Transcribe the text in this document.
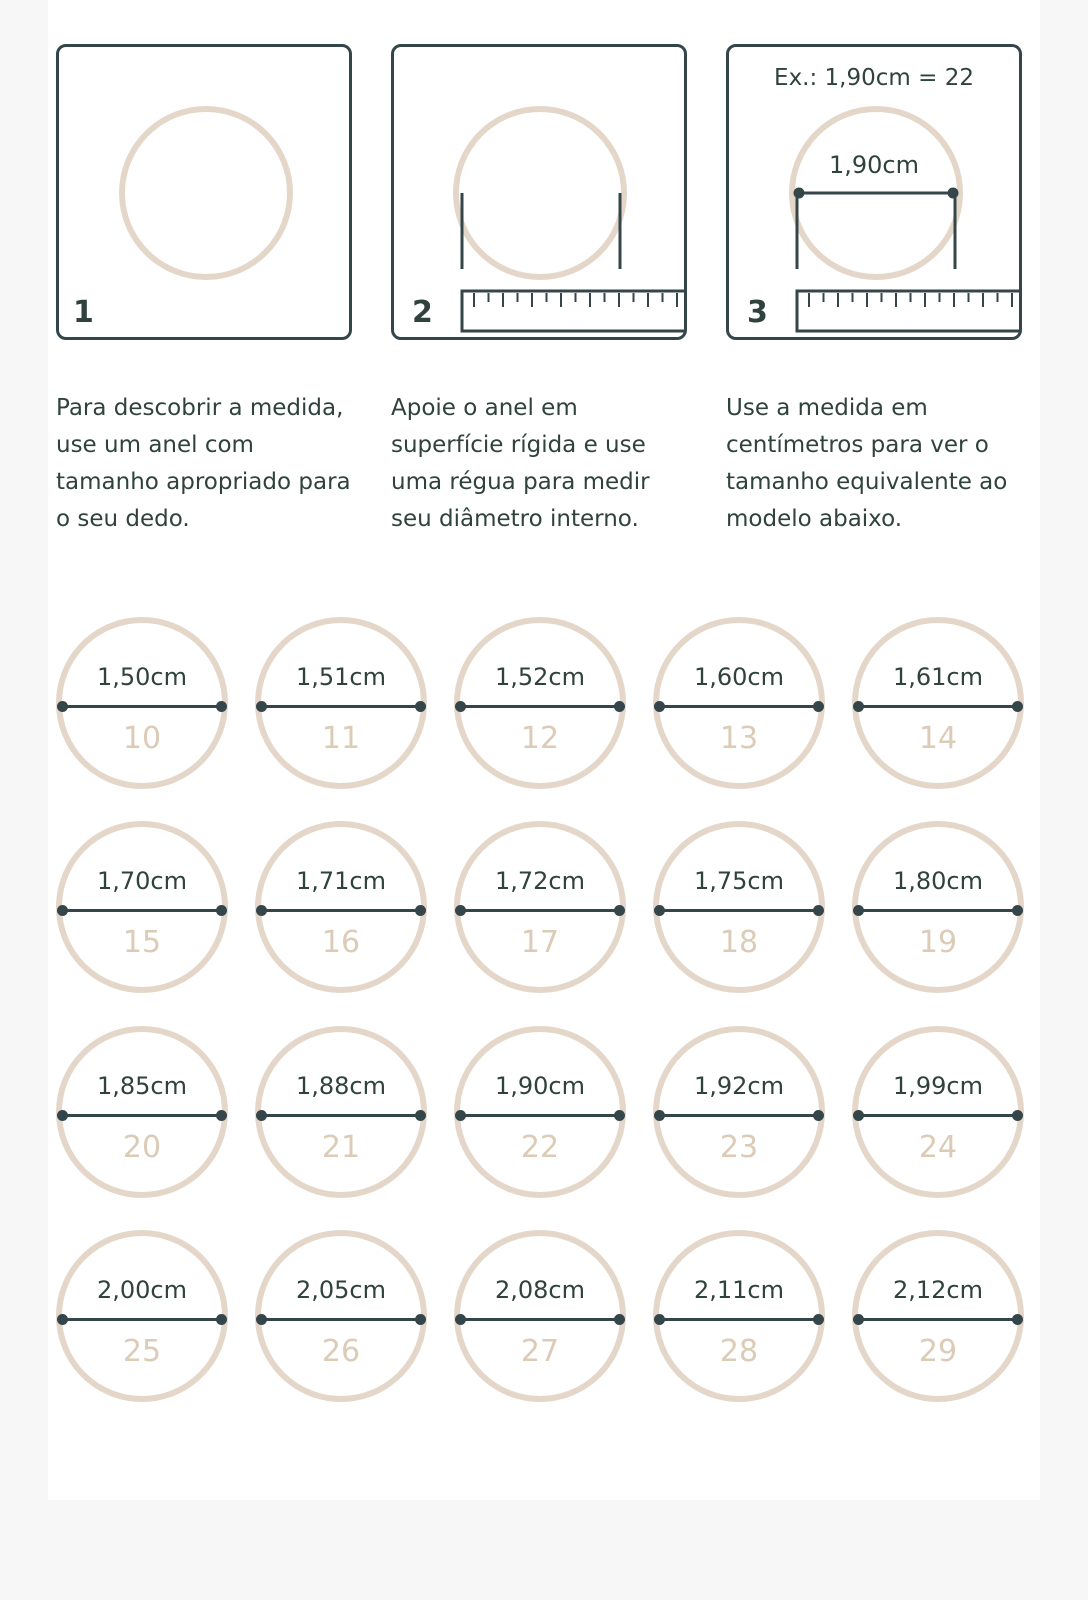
1	2
Ex.: 1,90cm = 22
1,90cm
3
Para descobrir a medida, use um anel com tamanho apropriado para o seu dedo.
Apoie o anel em superfície rígida e use uma régua para medir seu diâmetro interno.
Use a medida em centímetros para ver o tamanho equivalente ao modelo abaixo.
1,50cm
10
1,51cm
11
1,52cm
12
1,60cm
13
1,61cm
14
1,70cm
15
1,71cm
16
1,72cm
17
1,75cm
18
1,80cm
19
1,85cm
20
1,88cm
21
1,90cm
22
1,92cm
23
1,99cm
24
2,00cm
25
2,05cm
26
2,08cm
27
2,11cm
28
2,12cm
29
